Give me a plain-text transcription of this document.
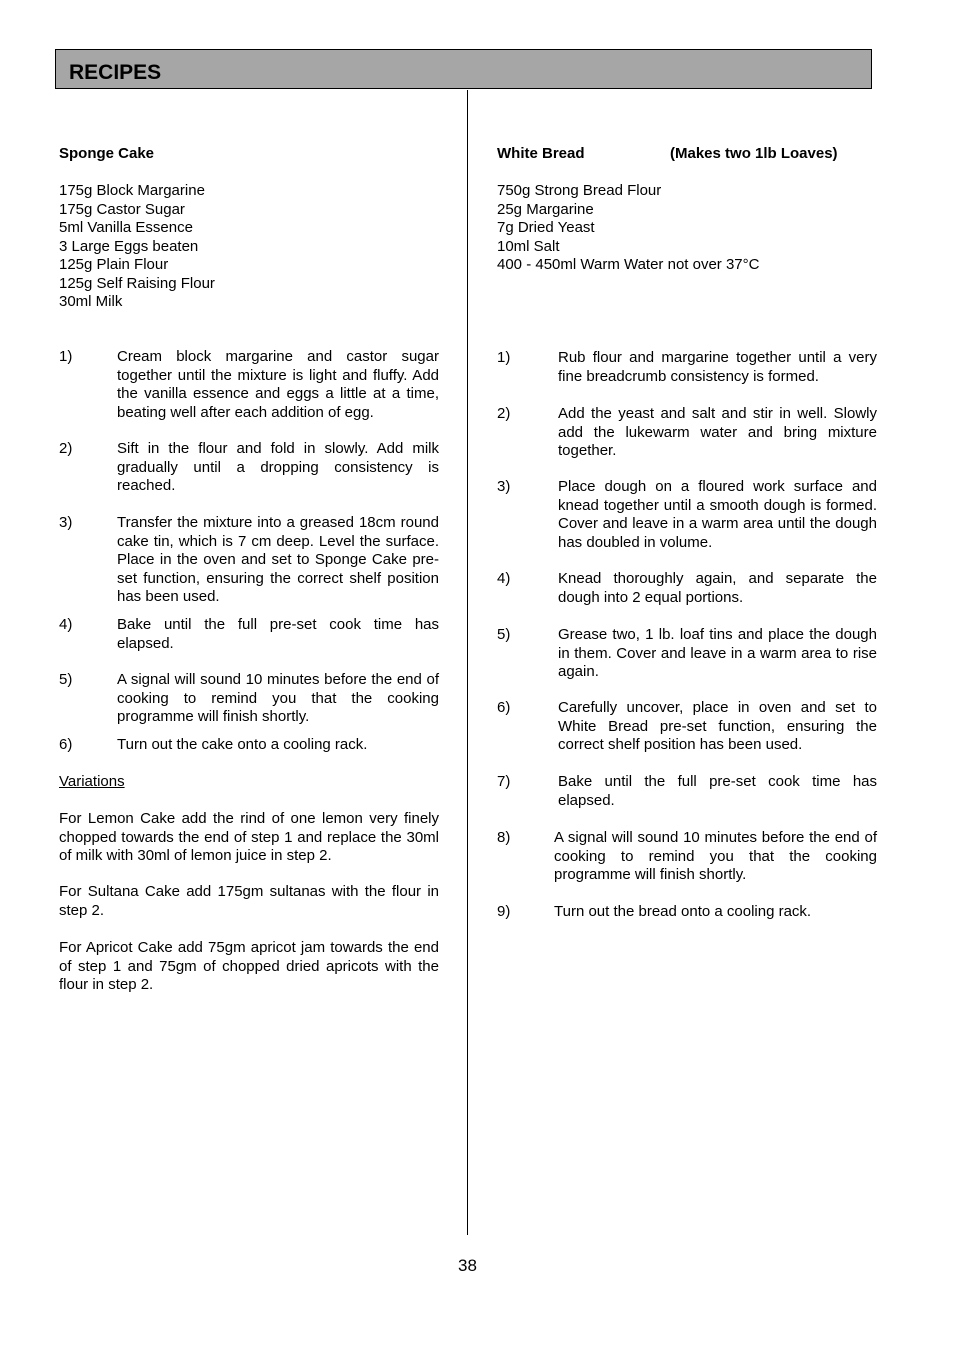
RECIPES
Sponge Cake
175g Block Margarine
175g Castor Sugar
5ml Vanilla Essence
3 Large Eggs beaten
125g Plain Flour
125g Self Raising Flour
30ml Milk
1)	Cream block margarine and castor sugar together until the mixture is light and fluffy. Add the vanilla essence and eggs a little at a time, beating well after each addition of egg.
2)	Sift in the flour and fold in slowly. Add milk gradually until a dropping consistency is reached.
3)	Transfer the mixture into a greased 18cm round cake tin, which is 7 cm deep. Level the surface. Place in the oven and set to Sponge Cake pre-set function, ensuring the correct shelf position has been used.
4)	Bake until the full pre-set cook time has elapsed.
5)	A signal will sound 10 minutes before the end of cooking to remind you that the cooking programme will finish shortly.
6)	Turn out the cake onto a cooling rack.
Variations
For Lemon Cake add the rind of one lemon very finely chopped towards the end of step 1 and replace the 30ml of milk with 30ml of lemon juice in step 2.
For Sultana Cake add 175gm sultanas with the flour in step 2.
For Apricot Cake add 75gm apricot jam towards the end of step 1 and 75gm of chopped dried apricots with the flour in step 2.
White Bread	(Makes two 1lb Loaves)
750g Strong Bread Flour
25g Margarine
7g Dried Yeast
10ml Salt
400 - 450ml Warm Water not over 37°C
1)	Rub flour and margarine together until a very fine breadcrumb consistency is formed.
2)	Add the yeast and salt and stir in well. Slowly add the lukewarm water and bring mixture together.
3)	Place dough on a floured work surface and knead together until a smooth dough is formed. Cover and leave in a warm area until the dough has doubled in volume.
4)	Knead thoroughly again, and separate the dough into 2 equal portions.
5)	Grease two, 1 lb. loaf tins and place the dough in them. Cover and leave in a warm area to rise again.
6)	Carefully uncover, place in oven and set to White Bread pre-set function, ensuring the correct shelf position has been used.
7)	Bake until the full pre-set cook time has elapsed.
8)	A signal will sound 10 minutes before the end of cooking to remind you that the cooking programme will finish shortly.
9)	Turn out the bread onto a cooling rack.
38
